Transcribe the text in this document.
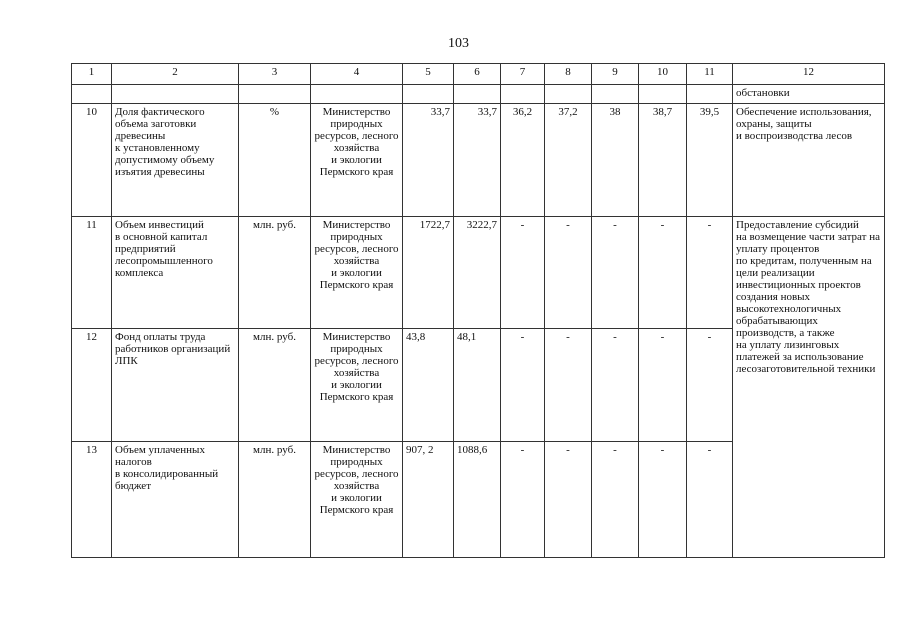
103
1	2	3	4	5	6	7	8	9	10	11	12
											обстановки
10	Доля фактического объема заготовки древесины
к установленному допустимому объему изъятия древесины	%	Министерство природных ресурсов, лесного хозяйства
и экологии Пермского края	33,7	33,7	36,2	37,2	38	38,7	39,5	Обеспечение использования, охраны, защиты
и воспроизводства лесов
11	Объем инвестиций
в основной капитал предприятий лесопромышленного комплекса	млн. руб.	Министерство природных ресурсов, лесного хозяйства
и экологии Пермского края	1722,7	3222,7	-	-	-	-	-	Предоставление субсидий
на возмещение части затрат на уплату процентов
по кредитам, полученным на цели реализации инвестиционных проектов создания новых высокотехнологичных обрабатывающих производств, а также
на уплату лизинговых платежей за использование лесозаготовительной техники
12	Фонд оплаты труда работников организаций ЛПК	млн. руб.	Министерство природных ресурсов, лесного хозяйства
и экологии Пермского края	43,8	48,1	-	-	-	-	-	
13	Объем уплаченных налогов
в консолидированный бюджет	млн. руб.	Министерство природных ресурсов, лесного хозяйства
и экологии Пермского края	907, 2	1088,6	-	-	-	-	-	
